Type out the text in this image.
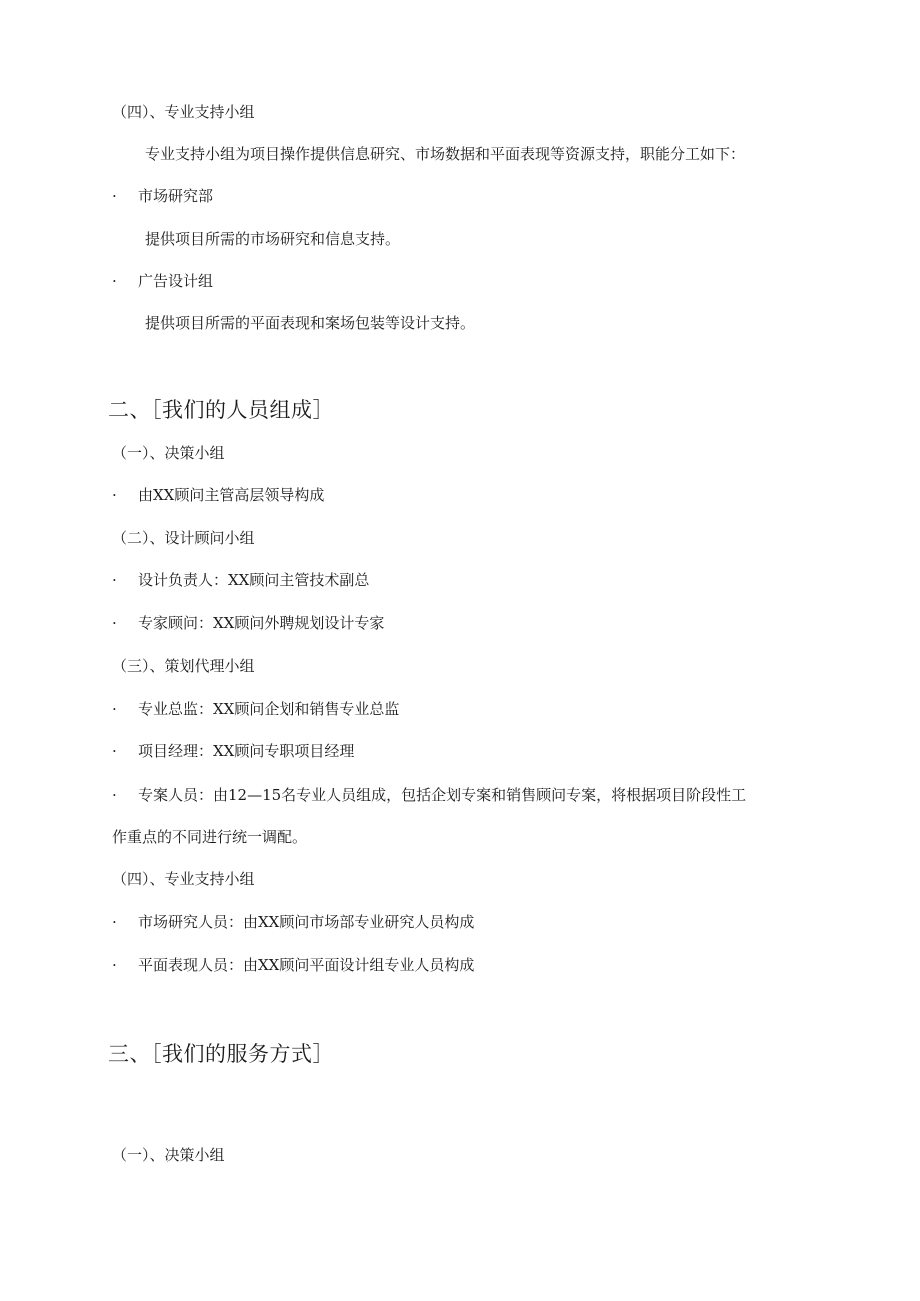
（四）、专业支持小组
专业支持小组为项目操作提供信息研究、市场数据和平面表现等资源支持，职能分工如下：
· 市场研究部
提供项目所需的市场研究和信息支持。
· 广告设计组
提供项目所需的平面表现和案场包装等设计支持。
二、［我们的人员组成］
（一）、决策小组
· 由XX顾问主管高层领导构成
（二）、设计顾问小组
· 设计负责人：XX顾问主管技术副总
· 专家顾问：XX顾问外聘规划设计专家
（三）、策划代理小组
· 专业总监：XX顾问企划和销售专业总监
· 项目经理：XX顾问专职项目经理
· 专案人员：由12—15名专业人员组成，包括企划专案和销售顾问专案，将根据项目阶段性工
作重点的不同进行统一调配。
（四）、专业支持小组
· 市场研究人员：由XX顾问市场部专业研究人员构成
· 平面表现人员：由XX顾问平面设计组专业人员构成
三、［我们的服务方式］
（一）、决策小组
